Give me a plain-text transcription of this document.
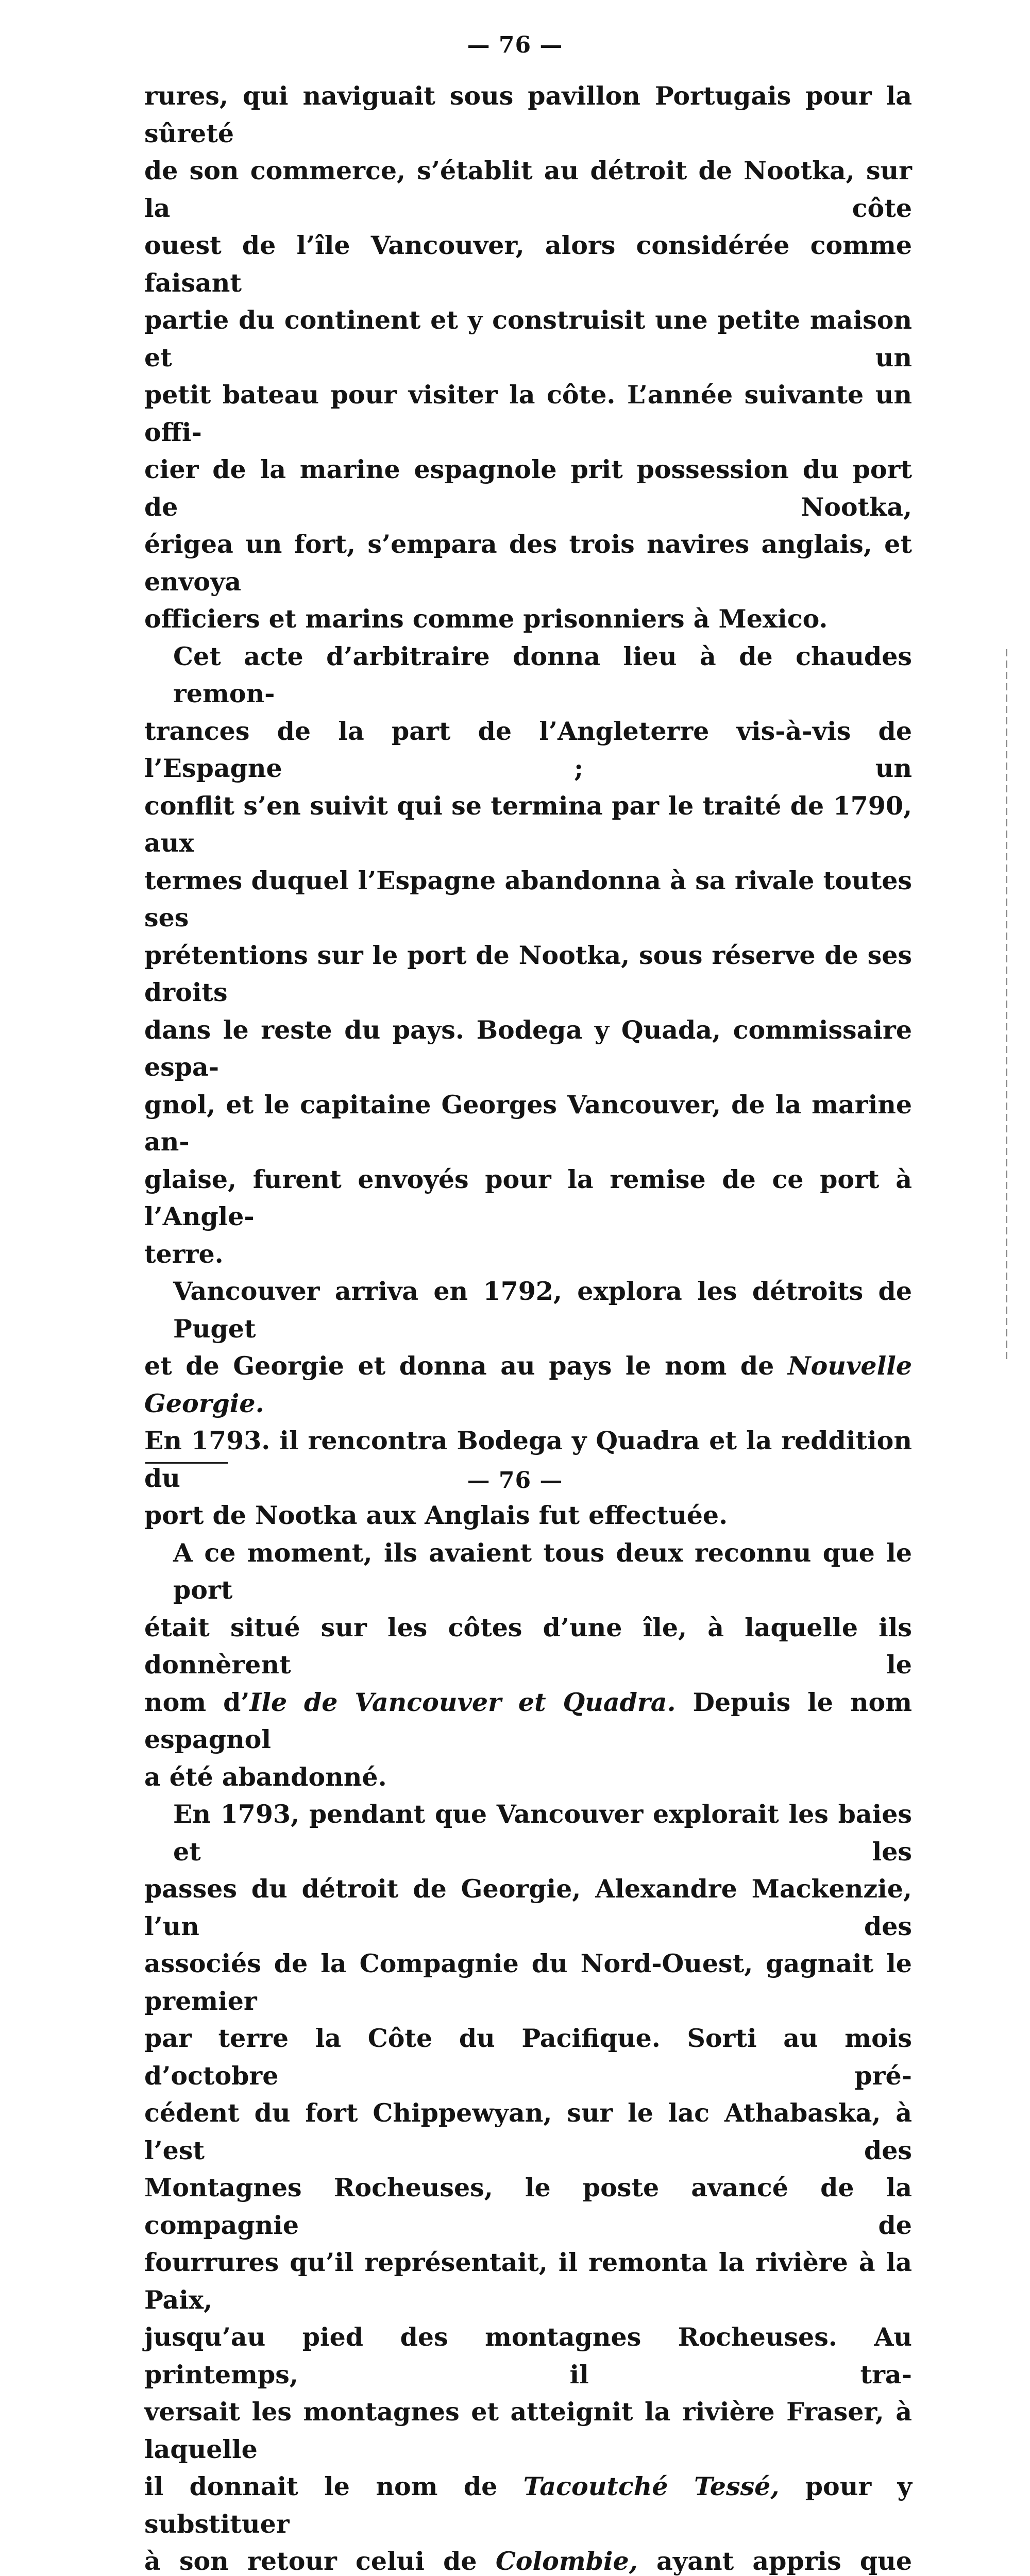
— 76 —

rures, qui naviguait sous pavillon Portugais pour la sûreté

de son commerce, s’établit au détroit de Nootka, sur la côte

ouest de l’île Vancouver, alors considérée comme faisant

partie du continent et y construisit une petite maison et un

petit bateau pour visiter la côte. L’année suivante un offi-

cier de la marine espagnole prit possession du port de Nootka,

érigea un fort, s’empara des trois navires anglais, et envoya

officiers et marins comme prisonniers à Mexico.

Cet acte d’arbitraire donna lieu à de chaudes remon-

trances de la part de l’Angleterre vis-à-vis de l’Espagne ; un

conflit s’en suivit qui se termina par le traité de 1790, aux

termes duquel l’Espagne abandonna à sa rivale toutes ses

prétentions sur le port de Nootka, sous réserve de ses droits

dans le reste du pays. Bodega y Quada, commissaire espa-

gnol, et le capitaine Georges Vancouver, de la marine an-

glaise, furent envoyés pour la remise de ce port à l’Angle-

terre.

Vancouver arriva en 1792, explora les détroits de Puget

et de Georgie et donna au pays le nom de Nouvelle Georgie.

En 1793. il rencontra Bodega y Quadra et la reddition du

port de Nootka aux Anglais fut effectuée.

A ce moment, ils avaient tous deux reconnu que le port

était situé sur les côtes d’une île, à laquelle ils donnèrent le

nom d’Ile de Vancouver et Quadra. Depuis le nom espagnol

a été abandonné.

En 1793, pendant que Vancouver explorait les baies et les

passes du détroit de Georgie, Alexandre Mackenzie, l’un des

associés de la Compagnie du Nord-Ouest, gagnait le premier

par terre la Côte du Pacifique. Sorti au mois d’octobre pré-

cédent du fort Chippewyan, sur le lac Athabaska, à l’est des

Montagnes Rocheuses, le poste avancé de la compagnie de

fourrures qu’il représentait, il remonta la rivière à la Paix,

jusqu’au pied des montagnes Rocheuses. Au printemps, il tra-

versait les montagnes et atteignit la rivière Fraser, à laquelle

il donnait le nom de Tacoutché Tessé, pour y substituer

à son retour celui de Colombie, ayant appris que

— 76 —
